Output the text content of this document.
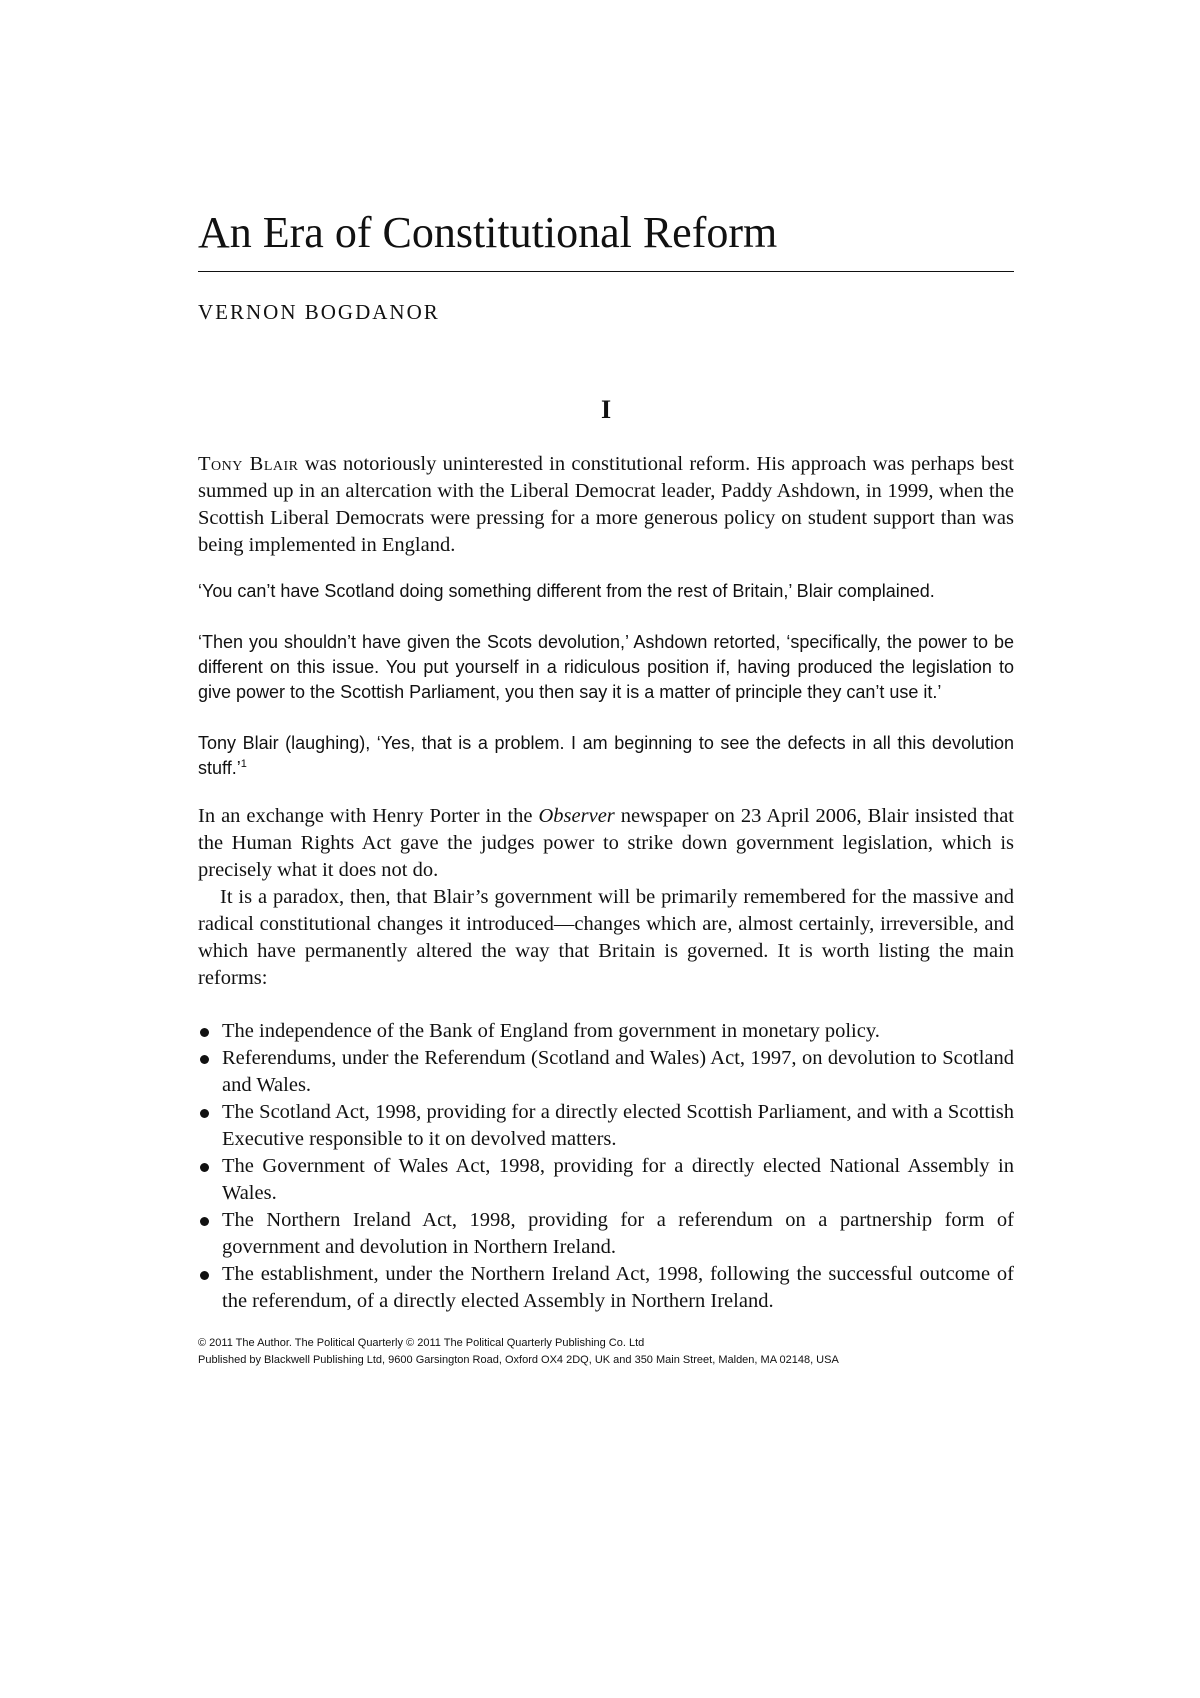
An Era of Constitutional Reform
VERNON BOGDANOR
I

Tony Blair was notoriously uninterested in constitutional reform. His approach was perhaps best summed up in an altercation with the Liberal Democrat leader, Paddy Ashdown, in 1999, when the Scottish Liberal Democrats were pressing for a more generous policy on student support than was being implemented in England.

‘You can’t have Scotland doing something different from the rest of Britain,’ Blair complained.

‘Then you shouldn’t have given the Scots devolution,’ Ashdown retorted, ‘specifically, the power to be different on this issue. You put yourself in a ridiculous position if, having produced the legislation to give power to the Scottish Parliament, you then say it is a matter of principle they can’t use it.’

Tony Blair (laughing), ‘Yes, that is a problem. I am beginning to see the defects in all this devolution stuff.’$^1$

In an exchange with Henry Porter in the Observer newspaper on 23 April 2006, Blair insisted that the Human Rights Act gave the judges power to strike down government legislation, which is precisely what it does not do.

It is a paradox, then, that Blair’s government will be primarily remembered for the massive and radical constitutional changes it introduced—changes which are, almost certainly, irreversible, and which have permanently altered the way that Britain is governed. It is worth listing the main reforms:

The independence of the Bank of England from government in monetary policy.
Referendums, under the Referendum (Scotland and Wales) Act, 1997, on devolution to Scotland and Wales.
The Scotland Act, 1998, providing for a directly elected Scottish Parliament, and with a Scottish Executive responsible to it on devolved matters.
The Government of Wales Act, 1998, providing for a directly elected National Assembly in Wales.
The Northern Ireland Act, 1998, providing for a referendum on a partnership form of government and devolution in Northern Ireland.
The establishment, under the Northern Ireland Act, 1998, following the successful outcome of the referendum, of a directly elected Assembly in Northern Ireland.
© 2011 The Author. The Political Quarterly © 2011 The Political Quarterly Publishing Co. Ltd
Published by Blackwell Publishing Ltd, 9600 Garsington Road, Oxford OX4 2DQ, UK and 350 Main Street, Malden, MA 02148, USA
